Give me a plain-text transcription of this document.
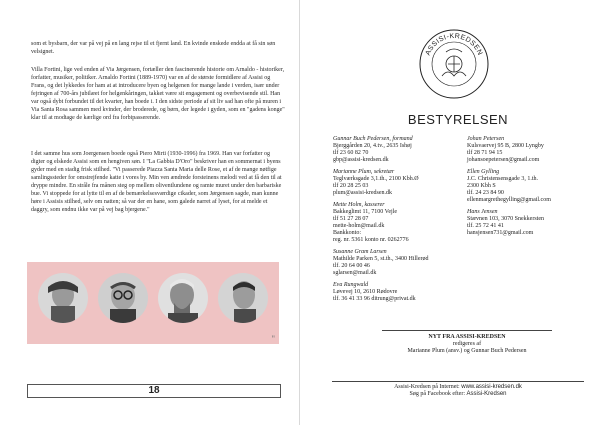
som et bysbarn, der var på vej på en lang rejse til et fjernt land. En kvinde enskede endda at få sin søn velsignet.

Villa Fortini, lige ved enden af Via Jørgensen, fortæller den fascinerende historie om Arnaldo - historiker, forfatter, musiker, politiker. Arnaldo Fortini (1889-1970) var en af de største formidlere af Assisi og Frans, og det lykkedes for ham at at introducere byen og helgenen for mange lande i verden, især under fejringen af 700-års jubilæet for helgenkåringen, takket være sit engagement og overbevisende stil. Han var også dybt forbundet til det kvarter, han boede i. I den sidste periode af sit liv sad han ofte på muren i Via Santa Rosa sammen med kvinder, der broderede, og børn, der legede i gyden, som en "gadens konge" klar til at modtage de kærlige ord fra forbipasserende.

I det samme hus som Joergensen boede også Piero Mirti (1930-1996) fra 1969. Han var forfatter og digter og elskede Assisi som en hengiven søn. I "La Gabbia D'Oro" beskriver han en sommernat i byens gyder med en stadig frisk stilhed. "Vi passerede Piazza Santa Maria delle Rose, et af de mange nøtfige samlingssteder for omstrejfende katte i vores by. Min ven ændrede forsteinens melodi ved at få den til at dryppe mindre. En stråle fra månen steg op mellem oliventlundene og ramte muret under den barbariske bue. Vi stoppede for at lytte til en af de bemærkelsesværdige cikader, som Jørgensen sagde, man kunne høre i Assisis stilhed, selv om natten; så var der en hane, som galede narret af lyset, for at melde et daggry, som endnu ikke var på vej bag bjergene."

"
18
ASSISI-KREDSEN
BESTYRELSEN
Gunnar Buch Pedersen, formand
Bjerggården 20, 4.tv., 2635 Ishøj
tlf 23 60 82 70
gbp@assisi-kredsen.dk
Marianne Plum, sekretær
Teglværksgade 3,1.th., 2100 Kbh.Ø
tlf 20 28 25 03
plum@assisi-kredsen.dk
Mette Holm, kasserer
Bakkeglimt 11, 7100 Vejle
tlf 51 27 28 07
mette-holm@mail.dk
Bankkonto:
reg. nr. 5361 konto nr. 0262776
Susanne Gram Larsen
Mathilde Parken 5, st.th., 3400 Hillerød
tlf. 20 64 00 46
sglarsen@mail.dk
Eva Rungwald
Løvevej 10, 2610 Rødovre
tlf. 36 41 33 96 ditrung@privat.dk
Johan Petersen
Kulsvaervej 95 B, 2800 Lyngby
tlf 28 71 94 15
johansoepetersen@gmail.com
Ellen Gylling
J.C. Christensensgade 3, 1.th.
2300 Kbh S
tlf. 24 23 84 90
ellenmargrethegylling@gmail.com
Hans Jensen
Stævnen 103, 3070 Snekkersten
tlf. 25 72 41 41
hansjensen731@gmail.com
NYT FRA ASSISI-KREDSEN
redigeres af
Marianne Plum (ansv.) og Gunnar Buch Pedersen
Assisi-Kredsen på Internet: www.assisi-kredsen.dk
Søg på Facebook efter: Assisi-Kredsen
